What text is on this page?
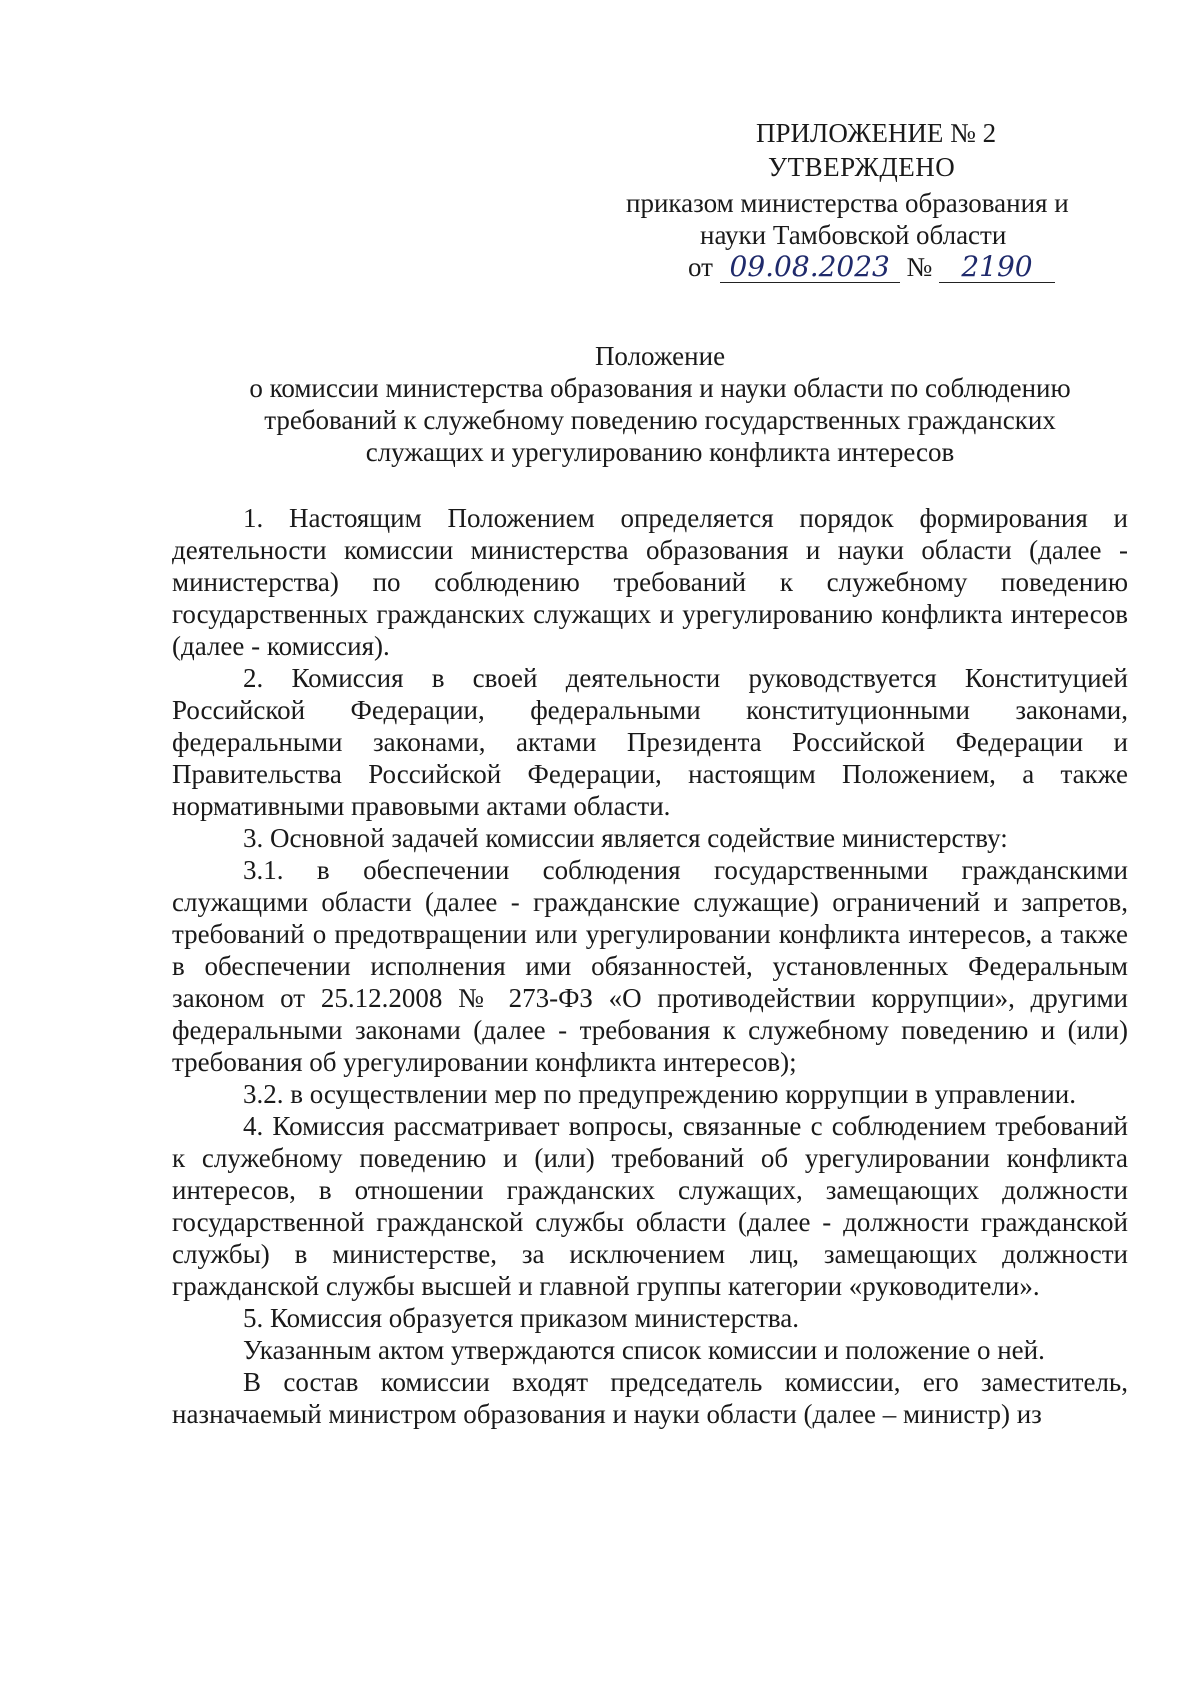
ПРИЛОЖЕНИЕ № 2
УТВЕРЖДЕНО
приказом министерства образования и
науки Тамбовской области
от 09.08.2023 № 2190
Положение
о комиссии министерства образования и науки области по соблюдению
требований к служебному поведению государственных гражданских
служащих и урегулированию конфликта интересов

1. Настоящим Положением определяется порядок формирования и деятельности комиссии министерства образования и науки области (далее - министерства) по соблюдению требований к служебному поведению государственных гражданских служащих и урегулированию конфликта интересов (далее - комиссия).

2. Комиссия в своей деятельности руководствуется Конституцией Российской Федерации, федеральными конституционными законами, федеральными законами, актами Президента Российской Федерации и Правительства Российской Федерации, настоящим Положением, а также нормативными правовыми актами области.

3. Основной задачей комиссии является содействие министерству:

3.1. в обеспечении соблюдения государственными гражданскими служащими области (далее - гражданские служащие) ограничений и запретов, требований о предотвращении или урегулировании конфликта интересов, а также в обеспечении исполнения ими обязанностей, установленных Федеральным законом от 25.12.2008 № 273-ФЗ «О противодействии коррупции», другими федеральными законами (далее - требования к служебному поведению и (или) требования об урегулировании конфликта интересов);

3.2. в осуществлении мер по предупреждению коррупции в управлении.

4. Комиссия рассматривает вопросы, связанные с соблюдением требований к служебному поведению и (или) требований об урегулировании конфликта интересов, в отношении гражданских служащих, замещающих должности государственной гражданской службы области (далее - должности гражданской службы) в министерстве, за исключением лиц, замещающих должности гражданской службы высшей и главной группы категории «руководители».

5. Комиссия образуется приказом министерства.

Указанным актом утверждаются список комиссии и положение о ней.

В состав комиссии входят председатель комиссии, его заместитель, назначаемый министром образования и науки области (далее – министр) из
